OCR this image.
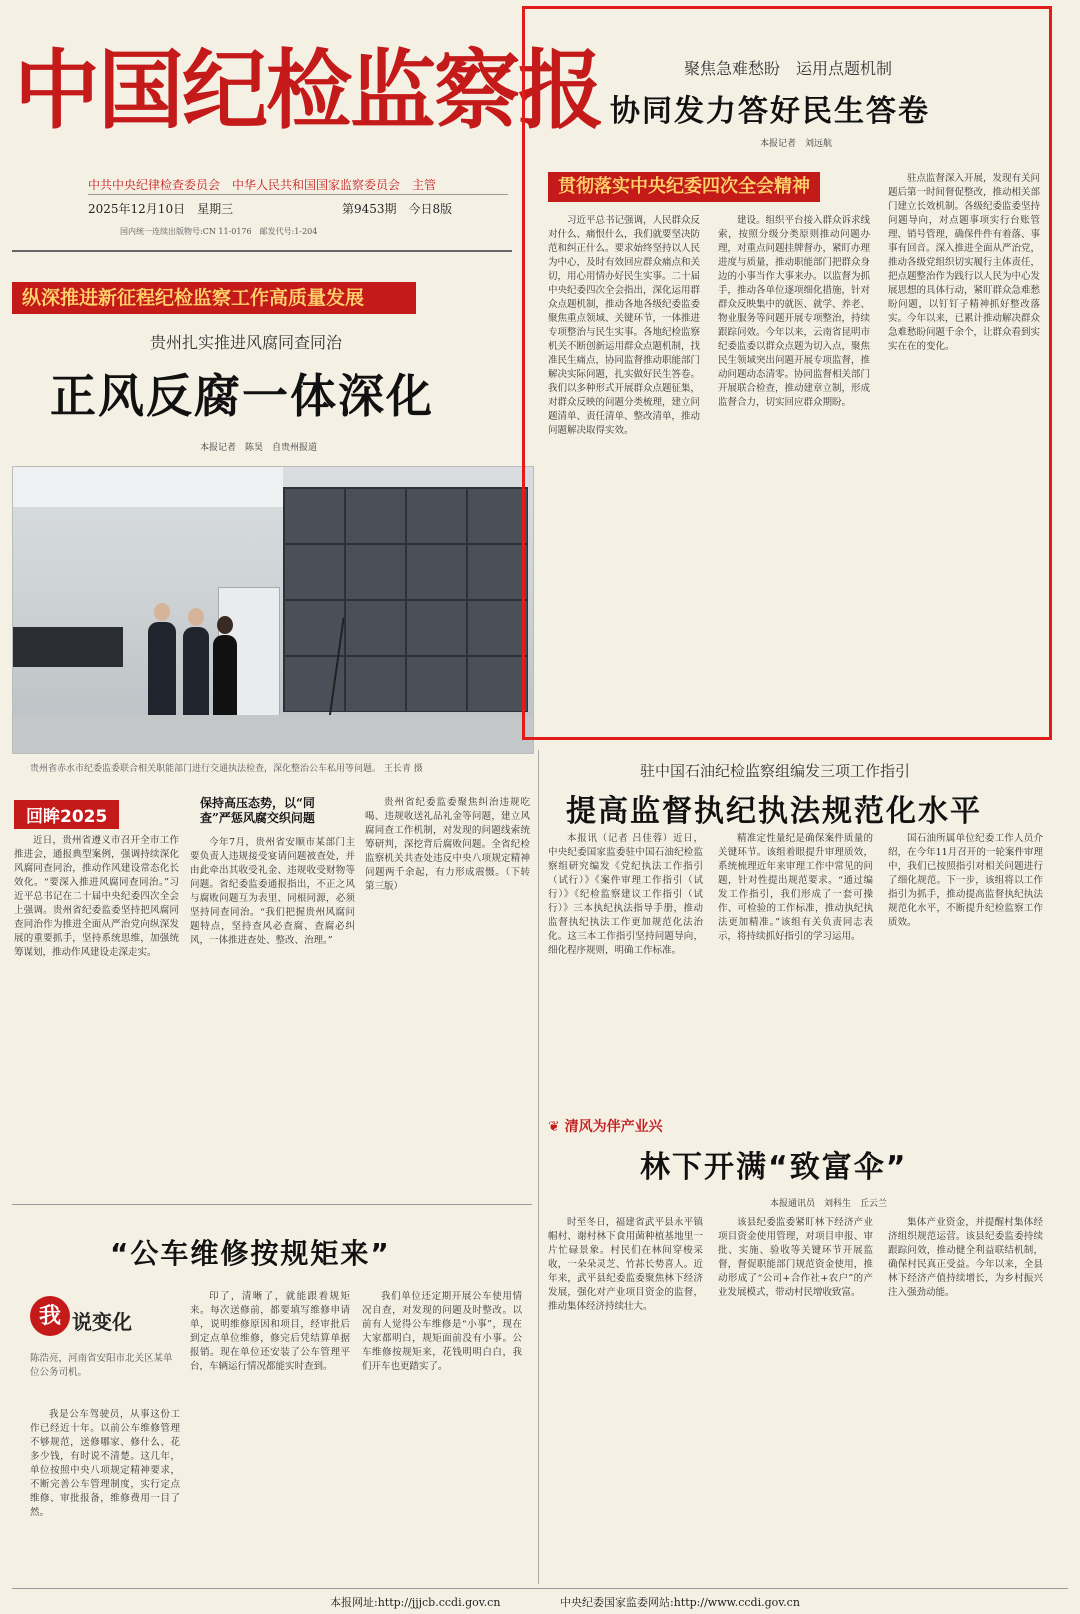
中国纪检监察报
中共中央纪律检查委员会　中华人民共和国国家监察委员会　主管
2025年12月10日　星期三	第9453期　今日8版
国内统一连续出版物号:CN 11-0176　邮发代号:1-204
纵深推进新征程纪检监察工作高质量发展
贵州扎实推进风腐同查同治
正风反腐一体深化
本报记者　陈昊　自贵州报道
贵州省赤水市纪委监委联合相关职能部门进行交通执法检查，深化整治公车私用等问题。 王长青 摄
聚焦急难愁盼　运用点题机制
协同发力答好民生答卷
本报记者　刘远航
贯彻落实中央纪委四次全会精神

习近平总书记强调，人民群众反对什么、痛恨什么，我们就要坚决防范和纠正什么。要求始终坚持以人民为中心，及时有效回应群众痛点和关切，用心用情办好民生实事。二十届中央纪委四次全会指出，深化运用群众点题机制，推动各地各级纪委监委聚焦重点领域、关键环节，一体推进专项整治与民生实事。各地纪检监察机关不断创新运用群众点题机制，找准民生痛点，协同监督推动职能部门解决实际问题，扎实做好民生答卷。我们以多种形式开展群众点题征集，对群众反映的问题分类梳理，建立问题清单、责任清单、整改清单，推动问题解决取得实效。

建设。组织平台接入群众诉求线索，按照分级分类原则推动问题办理，对重点问题挂牌督办，紧盯办理进度与质量，推动职能部门把群众身边的小事当作大事来办。以监督为抓手，推动各单位逐项细化措施，针对群众反映集中的就医、就学、养老、物业服务等问题开展专项整治，持续跟踪问效。今年以来，云南省昆明市纪委监委以群众点题为切入点，聚焦民生领域突出问题开展专项监督，推动问题动态清零。协同监督相关部门开展联合检查，推动建章立制，形成监督合力，切实回应群众期盼。

驻点监督深入开展，发现有关问题后第一时间督促整改，推动相关部门建立长效机制。各级纪委监委坚持问题导向，对点题事项实行台账管理、销号管理，确保件件有着落、事事有回音。深入推进全面从严治党，推动各级党组织切实履行主体责任，把点题整治作为践行以人民为中心发展思想的具体行动，紧盯群众急难愁盼问题，以钉钉子精神抓好整改落实。今年以来，已累计推动解决群众急难愁盼问题千余个，让群众看到实实在在的变化。

回眸2025
保持高压态势，以“同查”严惩风腐交织问题

近日，贵州省遵义市召开全市工作推进会，通报典型案例，强调持续深化风腐同查同治，推动作风建设常态化长效化。“要深入推进风腐同查同治。”习近平总书记在二十届中央纪委四次全会上强调。贵州省纪委监委坚持把风腐同查同治作为推进全面从严治党向纵深发展的重要抓手，坚持系统思维，加强统筹谋划，推动作风建设走深走实。

今年7月，贵州省安顺市某部门主要负责人违规接受宴请问题被查处，并由此牵出其收受礼金、违规收受财物等问题。省纪委监委通报指出，不正之风与腐败问题互为表里、同根同源，必须坚持同查同治。“我们把握贵州风腐问题特点，坚持查风必查腐、查腐必纠风，一体推进查处、整改、治理。”

贵州省纪委监委聚焦纠治违规吃喝、违规收送礼品礼金等问题，建立风腐同查工作机制，对发现的问题线索统筹研判，深挖背后腐败问题。全省纪检监察机关共查处违反中央八项规定精神问题两千余起，有力形成震慑。（下转第三版）

驻中国石油纪检监察组编发三项工作指引
提高监督执纪执法规范化水平

本报讯（记者 吕佳蓉）近日，中央纪委国家监委驻中国石油纪检监察组研究编发《党纪执法工作指引（试行）》《案件审理工作指引（试行）》《纪检监察建议工作指引（试行）》三本执纪执法指导手册，推动监督执纪执法工作更加规范化法治化。这三本工作指引坚持问题导向，细化程序规则，明确工作标准。

精准定性量纪是确保案件质量的关键环节。该组着眼提升审理质效，系统梳理近年来审理工作中常见的问题，针对性提出规范要求。“通过编发工作指引，我们形成了一套可操作、可检验的工作标准，推动执纪执法更加精准。”该组有关负责同志表示，将持续抓好指引的学习运用。

国石油所属单位纪委工作人员介绍，在今年11月召开的一轮案件审理中，我们已按照指引对相关问题进行了细化规范。下一步，该组将以工作指引为抓手，推动提高监督执纪执法规范化水平，不断提升纪检监察工作质效。

❦ 清风为伴产业兴
林下开满“致富伞”
本报通讯员　刘科生　丘云兰

时至冬日，福建省武平县永平镇帽村、谢村林下食用菌种植基地里一片忙碌景象。村民们在林间穿梭采收，一朵朵灵芝、竹荪长势喜人。近年来，武平县纪委监委聚焦林下经济发展，强化对产业项目资金的监督，推动集体经济持续壮大。

该县纪委监委紧盯林下经济产业项目资金使用管理，对项目申报、审批、实施、验收等关键环节开展监督，督促职能部门规范资金使用，推动形成了“公司+合作社+农户”的产业发展模式，带动村民增收致富。

集体产业资金，并提醒村集体经济组织规范运营。该县纪委监委持续跟踪问效，推动健全利益联结机制，确保村民真正受益。今年以来，全县林下经济产值持续增长，为乡村振兴注入强劲动能。

“公车维修按规矩来”
我 说变化
陈浩亮，河南省安阳市北关区某单位公务司机。

我是公车驾驶员，从事这份工作已经近十年。以前公车维修管理不够规范，送修哪家、修什么、花多少钱，有时说不清楚。这几年，单位按照中央八项规定精神要求，不断完善公车管理制度，实行定点维修、审批报备，维修费用一目了然。

印了，清晰了，就能跟着规矩来。每次送修前，都要填写维修申请单，说明维修原因和项目，经审批后到定点单位维修，修完后凭结算单据报销。现在单位还安装了公车管理平台，车辆运行情况都能实时查到。

我们单位还定期开展公车使用情况自查，对发现的问题及时整改。以前有人觉得公车维修是“小事”，现在大家都明白，规矩面前没有小事。公车维修按规矩来，花钱明明白白，我们开车也更踏实了。

本报网址:http://jjjcb.ccdi.gov.cn	中央纪委国家监委网站:http://www.ccdi.gov.cn
